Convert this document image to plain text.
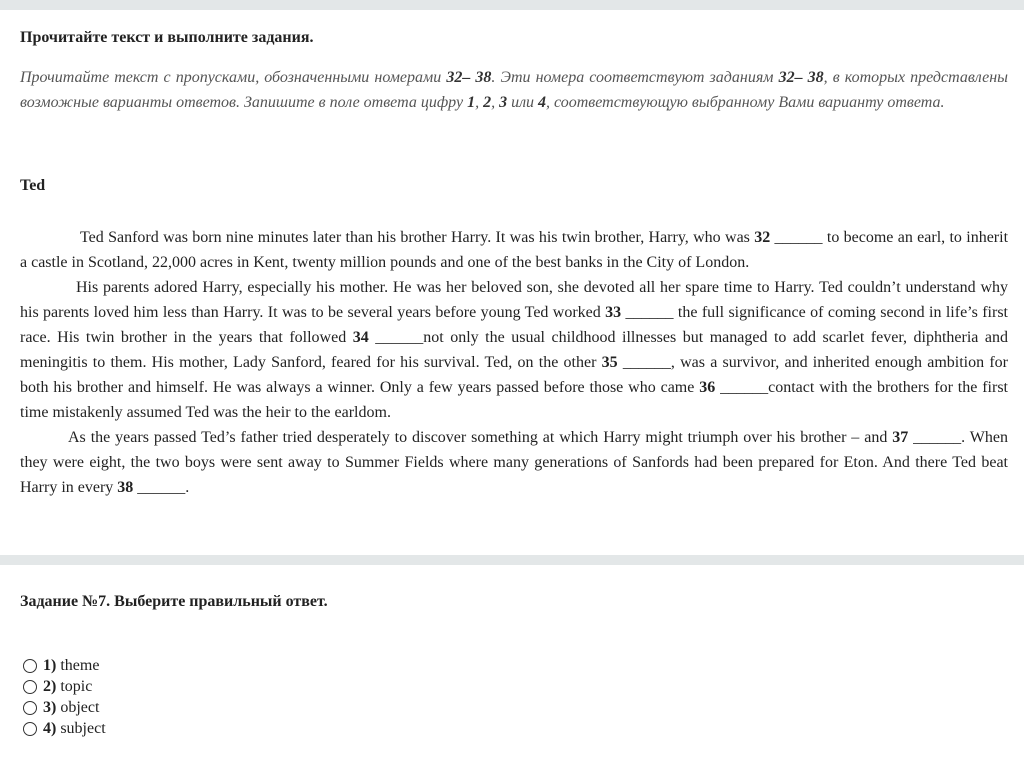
Прочитайте текст и выполните задания.

Прочитайте текст с пропусками, обозначенными номерами 32– 38. Эти номера соответствуют заданиям 32– 38, в которых представлены возможные варианты ответов. Запишите в поле ответа цифру 1, 2, 3 или 4, соответствующую выбранному Вами варианту ответа.

Ted

Ted Sanford was born nine minutes later than his brother Harry. It was his twin brother, Harry, who was 32 ______ to become an earl, to inherit a castle in Scotland, 22,000 acres in Kent, twenty million pounds and one of the best banks in the City of London.

His parents adored Harry, especially his mother. He was her beloved son, she devoted all her spare time to Harry. Ted couldn’t understand why his parents loved him less than Harry. It was to be several years before young Ted worked 33 ______ the full significance of coming second in life’s first race. His twin brother in the years that followed 34 ______not only the usual childhood illnesses but managed to add scarlet fever, diphtheria and meningitis to them. His mother, Lady Sanford, feared for his survival. Ted, on the other 35 ______, was a survivor, and inherited enough ambition for both his brother and himself. He was always a winner. Only a few years passed before those who came 36 ______contact with the brothers for the first time mistakenly assumed Ted was the heir to the earldom.

As the years passed Ted’s father tried desperately to discover something at which Harry might triumph over his brother – and 37 ______. When they were eight, the two boys were sent away to Summer Fields where many generations of Sanfords had been prepared for Eton. And there Ted beat Harry in every 38 ______.

Задание №7. Выберите правильный ответ.

1) theme
2) topic
3) object
4) subject
